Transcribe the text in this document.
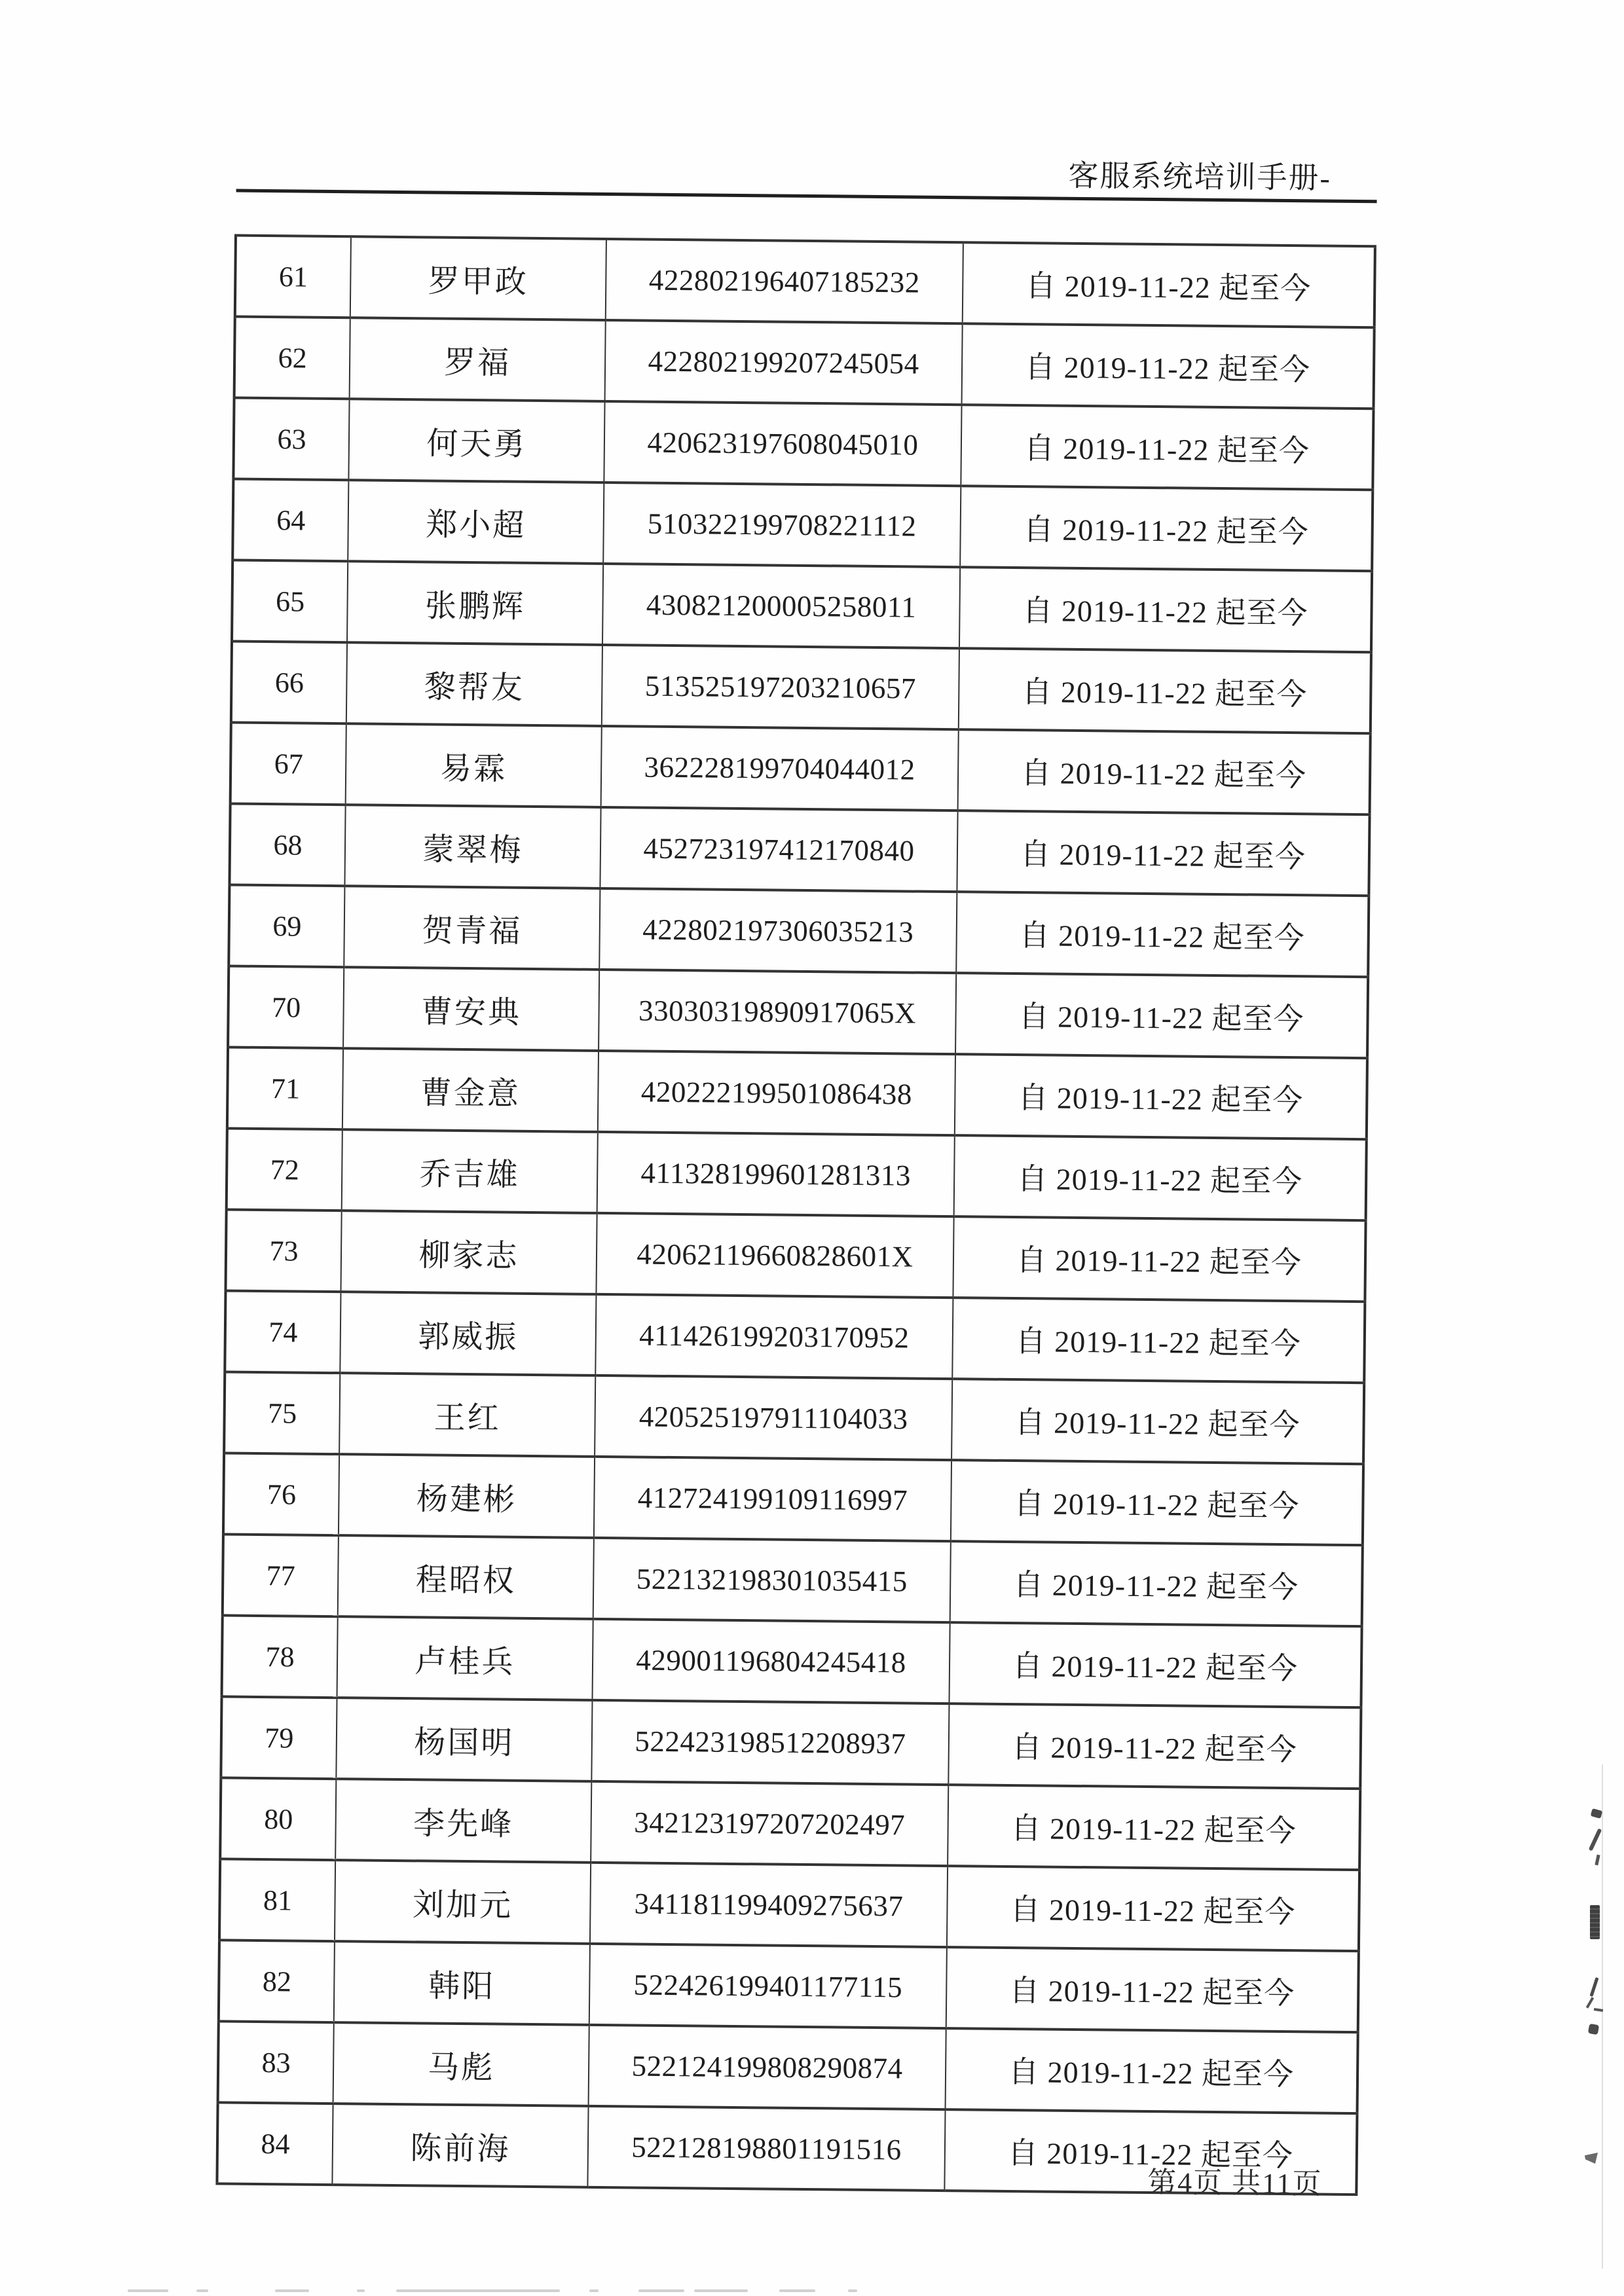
客服系统培训手册-
61	罗甲政	422802196407185232	自 2019-11-22 起至今
62	罗福	422802199207245054	自 2019-11-22 起至今
63	何天勇	420623197608045010	自 2019-11-22 起至今
64	郑小超	510322199708221112	自 2019-11-22 起至今
65	张鹏辉	430821200005258011	自 2019-11-22 起至今
66	黎帮友	513525197203210657	自 2019-11-22 起至今
67	易霖	362228199704044012	自 2019-11-22 起至今
68	蒙翠梅	452723197412170840	自 2019-11-22 起至今
69	贺青福	422802197306035213	自 2019-11-22 起至今
70	曹安典	33030319890917065X	自 2019-11-22 起至今
71	曹金意	420222199501086438	自 2019-11-22 起至今
72	乔吉雄	411328199601281313	自 2019-11-22 起至今
73	柳家志	42062119660828601X	自 2019-11-22 起至今
74	郭威振	411426199203170952	自 2019-11-22 起至今
75	王红	420525197911104033	自 2019-11-22 起至今
76	杨建彬	412724199109116997	自 2019-11-22 起至今
77	程昭权	522132198301035415	自 2019-11-22 起至今
78	卢桂兵	429001196804245418	自 2019-11-22 起至今
79	杨国明	522423198512208937	自 2019-11-22 起至今
80	李先峰	342123197207202497	自 2019-11-22 起至今
81	刘加元	341181199409275637	自 2019-11-22 起至今
82	韩阳	522426199401177115	自 2019-11-22 起至今
83	马彪	522124199808290874	自 2019-11-22 起至今
84	陈前海	522128198801191516	自 2019-11-22 起至今
第4页 共11页
